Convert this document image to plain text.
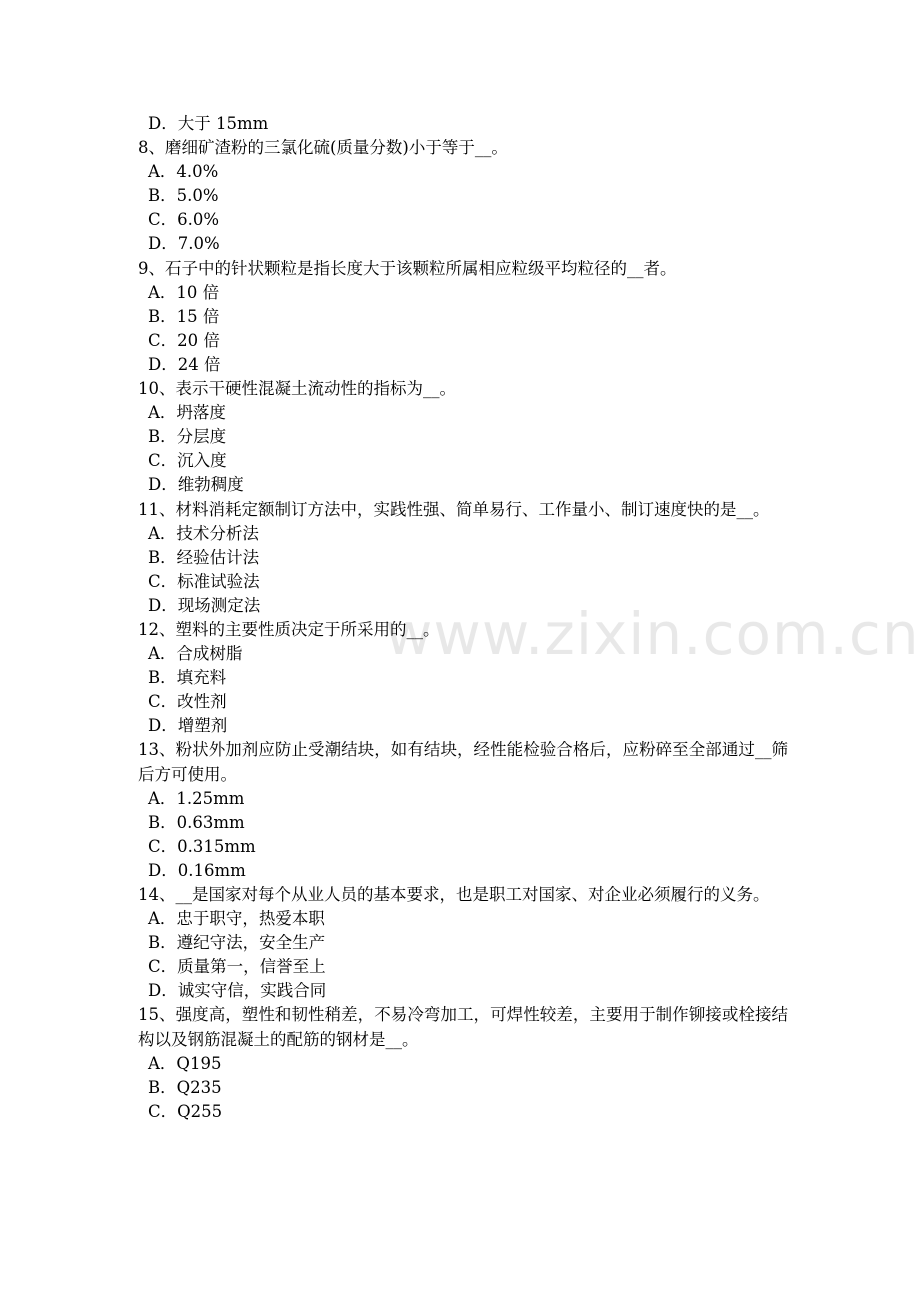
D．大于 15mm
8、磨细矿渣粉的三氯化硫(质量分数)小于等于__。
A．4.0%
B．5.0%
C．6.0%
D．7.0%
9、石子中的针状颗粒是指长度大于该颗粒所属相应粒级平均粒径的__者。
A．10 倍
B．15 倍
C．20 倍
D．24 倍
10、表示干硬性混凝土流动性的指标为__。
A．坍落度
B．分层度
C．沉入度
D．维勃稠度
11、材料消耗定额制订方法中，实践性强、简单易行、工作量小、制订速度快的是__。
A．技术分析法
B．经验估计法
C．标准试验法
D．现场测定法
12、塑料的主要性质决定于所采用的__。
A．合成树脂
B．填充料
C．改性剂
D．增塑剂
13、粉状外加剂应防止受潮结块，如有结块，经性能检验合格后，应粉碎至全部通过__筛后方可使用。
A．1.25mm
B．0.63mm
C．0.315mm
D．0.16mm
14、__是国家对每个从业人员的基本要求，也是职工对国家、对企业必须履行的义务。
A．忠于职守，热爱本职
B．遵纪守法，安全生产
C．质量第一，信誉至上
D．诚实守信，实践合同
15、强度高，塑性和韧性稍差，不易冷弯加工，可焊性较差，主要用于制作铆接或栓接结构以及钢筋混凝土的配筋的钢材是__。
A．Q195
B．Q235
C．Q255
www.zixin.com.cn
